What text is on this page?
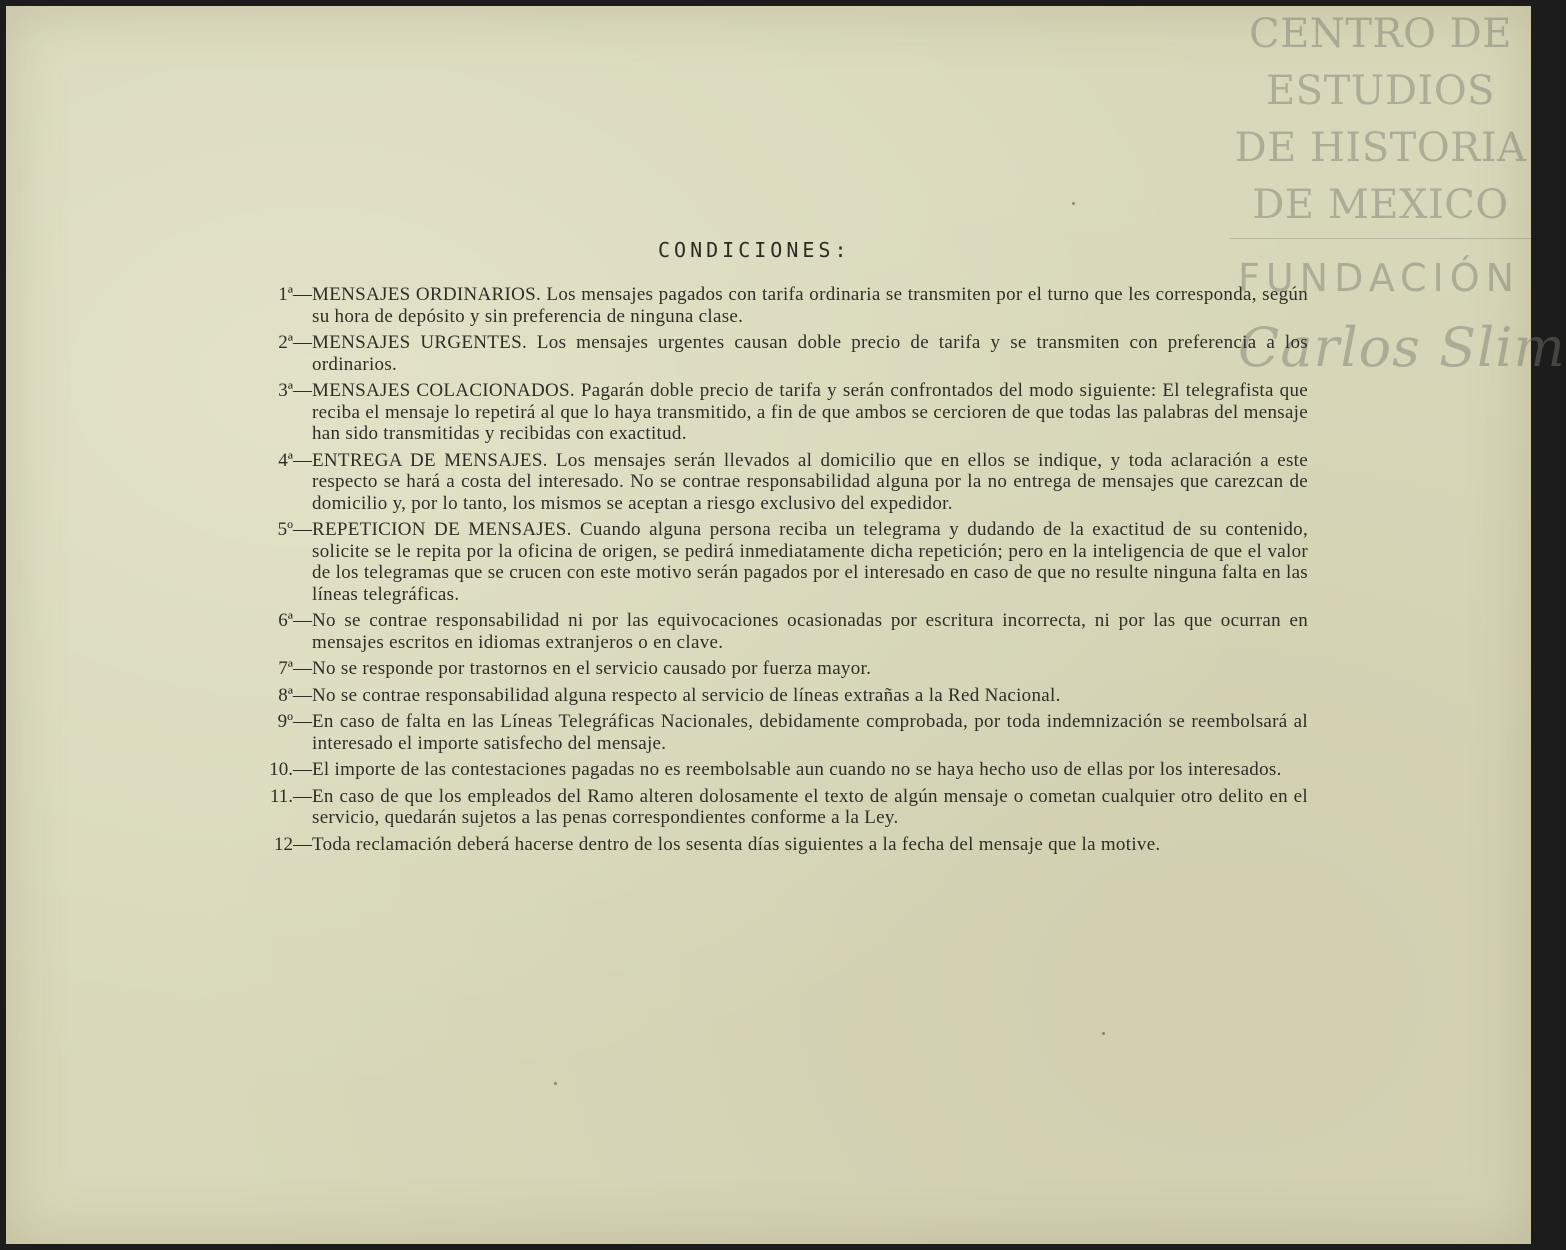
CENTRO DE
ESTUDIOS
DE HISTORIA
DE MEXICO
FUNDACIÓN
Carlos Slim
CONDICIONES:
1ª— MENSAJES ORDINARIOS. Los mensajes pagados con tarifa ordinaria se transmiten por el turno que les corresponda, según su hora de depósito y sin preferencia de ninguna clase.
2ª— MENSAJES URGENTES. Los mensajes urgentes causan doble precio de tarifa y se transmiten con preferencia a los ordinarios.
3ª— MENSAJES COLACIONADOS. Pagarán doble precio de tarifa y serán confrontados del modo siguiente: El telegrafista que reciba el mensaje lo repetirá al que lo haya transmitido, a fin de que ambos se cercioren de que todas las palabras del mensaje han sido transmitidas y recibidas con exactitud.
4ª— ENTREGA DE MENSAJES. Los mensajes serán llevados al domicilio que en ellos se indique, y toda aclaración a este respecto se hará a costa del interesado. No se contrae responsabilidad alguna por la no entrega de mensajes que carezcan de domicilio y, por lo tanto, los mismos se aceptan a riesgo exclusivo del expedidor.
5º— REPETICION DE MENSAJES. Cuando alguna persona reciba un telegrama y dudando de la exactitud de su contenido, solicite se le repita por la oficina de origen, se pedirá inmediatamente dicha repetición; pero en la inteligencia de que el valor de los telegramas que se crucen con este motivo serán pagados por el interesado en caso de que no resulte ninguna falta en las líneas telegráficas.
6ª— No se contrae responsabilidad ni por las equivocaciones ocasionadas por escritura incorrecta, ni por las que ocurran en mensajes escritos en idiomas extranjeros o en clave.
7ª— No se responde por trastornos en el servicio causado por fuerza mayor.
8ª— No se contrae responsabilidad alguna respecto al servicio de líneas extrañas a la Red Nacional.
9º— En caso de falta en las Líneas Telegráficas Nacionales, debidamente comprobada, por toda indemnización se reembolsará al interesado el importe satisfecho del mensaje.
10.— El importe de las contestaciones pagadas no es reembolsable aun cuando no se haya hecho uso de ellas por los interesados.
11.— En caso de que los empleados del Ramo alteren dolosamente el texto de algún mensaje o cometan cualquier otro delito en el servicio, quedarán sujetos a las penas correspondientes conforme a la Ley.
12— Toda reclamación deberá hacerse dentro de los sesenta días siguientes a la fecha del mensaje que la motive.
